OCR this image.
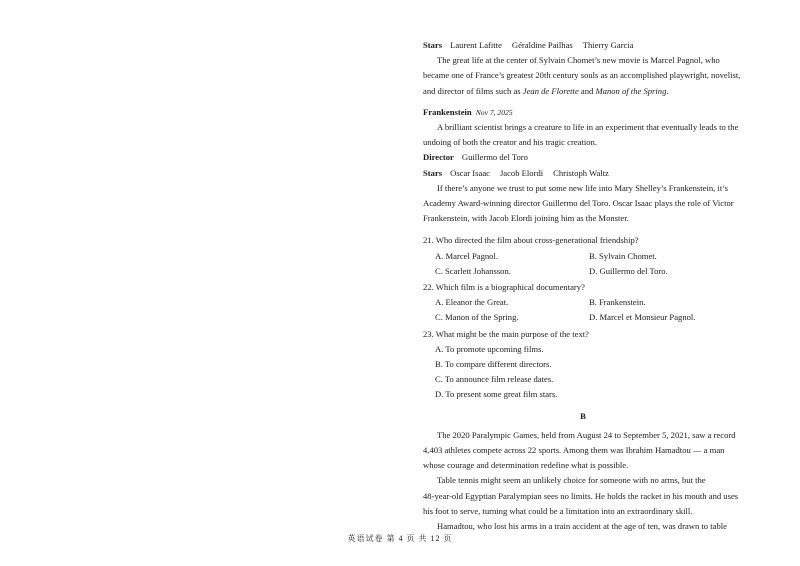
Stars Laurent Lafitte Géraldine Pailhas Thierry Garcia
The great life at the center of Sylvain Chomet’s new movie is Marcel Pagnol, who
became one of France’s greatest 20th century souls as an accomplished playwright, novelist,
and director of films such as Jean de Florette and Manon of the Spring.
Frankenstein Nov 7, 2025
A brilliant scientist brings a creature to life in an experiment that eventually leads to the
undoing of both the creator and his tragic creation.
Director Guillermo del Toro
Stars Oscar Isaac Jacob Elordi Christoph Waltz
If there’s anyone we trust to put some new life into Mary Shelley’s Frankenstein, it’s
Academy Award-winning director Guillermo del Toro. Oscar Isaac plays the role of Victor
Frankenstein, with Jacob Elordi joining him as the Monster.
21. Who directed the film about cross-generational friendship?
A. Marcel Pagnol.	B. Sylvain Chomet.
C. Scarlett Johansson.	D. Guillermo del Toro.
22. Which film is a biographical documentary?
A. Eleanor the Great.	B. Frankenstein.
C. Manon of the Spring.	D. Marcel et Monsieur Pagnol.
23. What might be the main purpose of the text?
A. To promote upcoming films.
B. To compare different directors.
C. To announce film release dates.
D. To present some great film stars.
B
The 2020 Paralympic Games, held from August 24 to September 5, 2021, saw a record
4,403 athletes compete across 22 sports. Among them was Ibrahim Hamadtou — a man
whose courage and determination redefine what is possible.
Table tennis might seem an unlikely choice for someone with no arms, but the
48-year-old Egyptian Paralympian sees no limits. He holds the racket in his mouth and uses
his foot to serve, turning what could be a limitation into an extraordinary skill.
Hamadtou, who lost his arms in a train accident at the age of ten, was drawn to table
英语试卷 第 4 页 共 12 页
